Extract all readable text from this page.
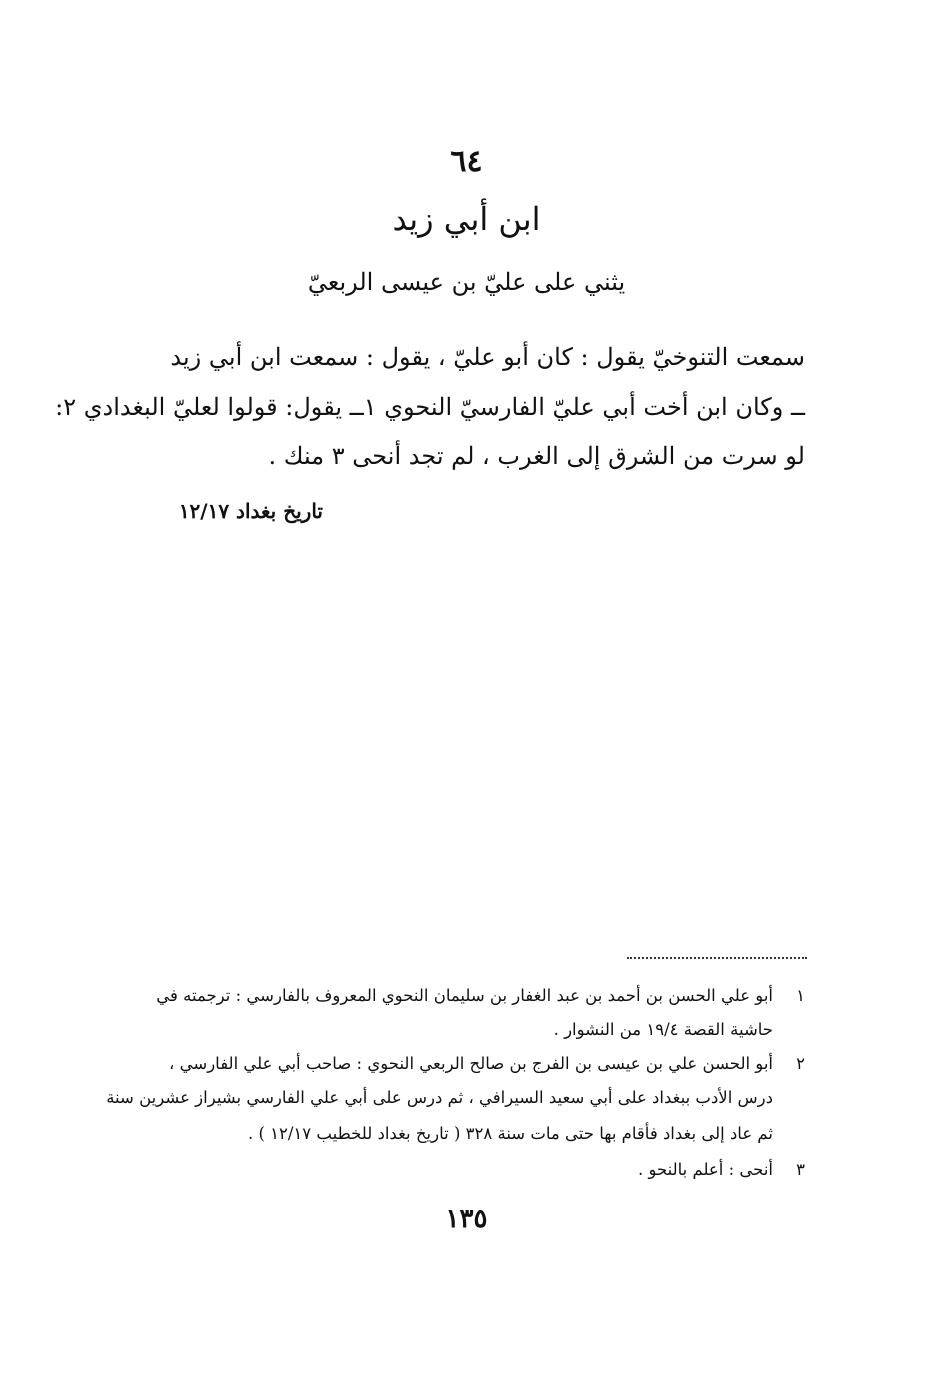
٦٤
ابن أبي زيد
يثني على عليّ بن عيسى الربعيّ
سمعت التنوخيّ يقول : كان أبو عليّ ، يقول : سمعت ابن أبي زيد
ــ وكان ابن أخت أبي عليّ الفارسيّ النحوي ١ــ يقول: قولوا لعليّ البغدادي ٢:
لو سرت من الشرق إلى الغرب ، لم تجد أنحى ٣ منك .
تاريخ بغداد ١٢/١٧
١أبو علي الحسن بن أحمد بن عبد الغفار بن سليمان النحوي المعروف بالفارسي : ترجمته في
حاشية القصة ١٩/٤ من النشوار .
٢أبو الحسن علي بن عيسى بن الفرج بن صالح الربعي النحوي : صاحب أبي علي الفارسي ،
درس الأدب ببغداد على أبي سعيد السيرافي ، ثم درس على أبي علي الفارسي بشيراز عشرين سنة
ثم عاد إلى بغداد فأقام بها حتى مات سنة ٣٢٨ ( تاريخ بغداد للخطيب ١٢/١٧ ) .
٣أنحى : أعلم بالنحو .
١٣٥
